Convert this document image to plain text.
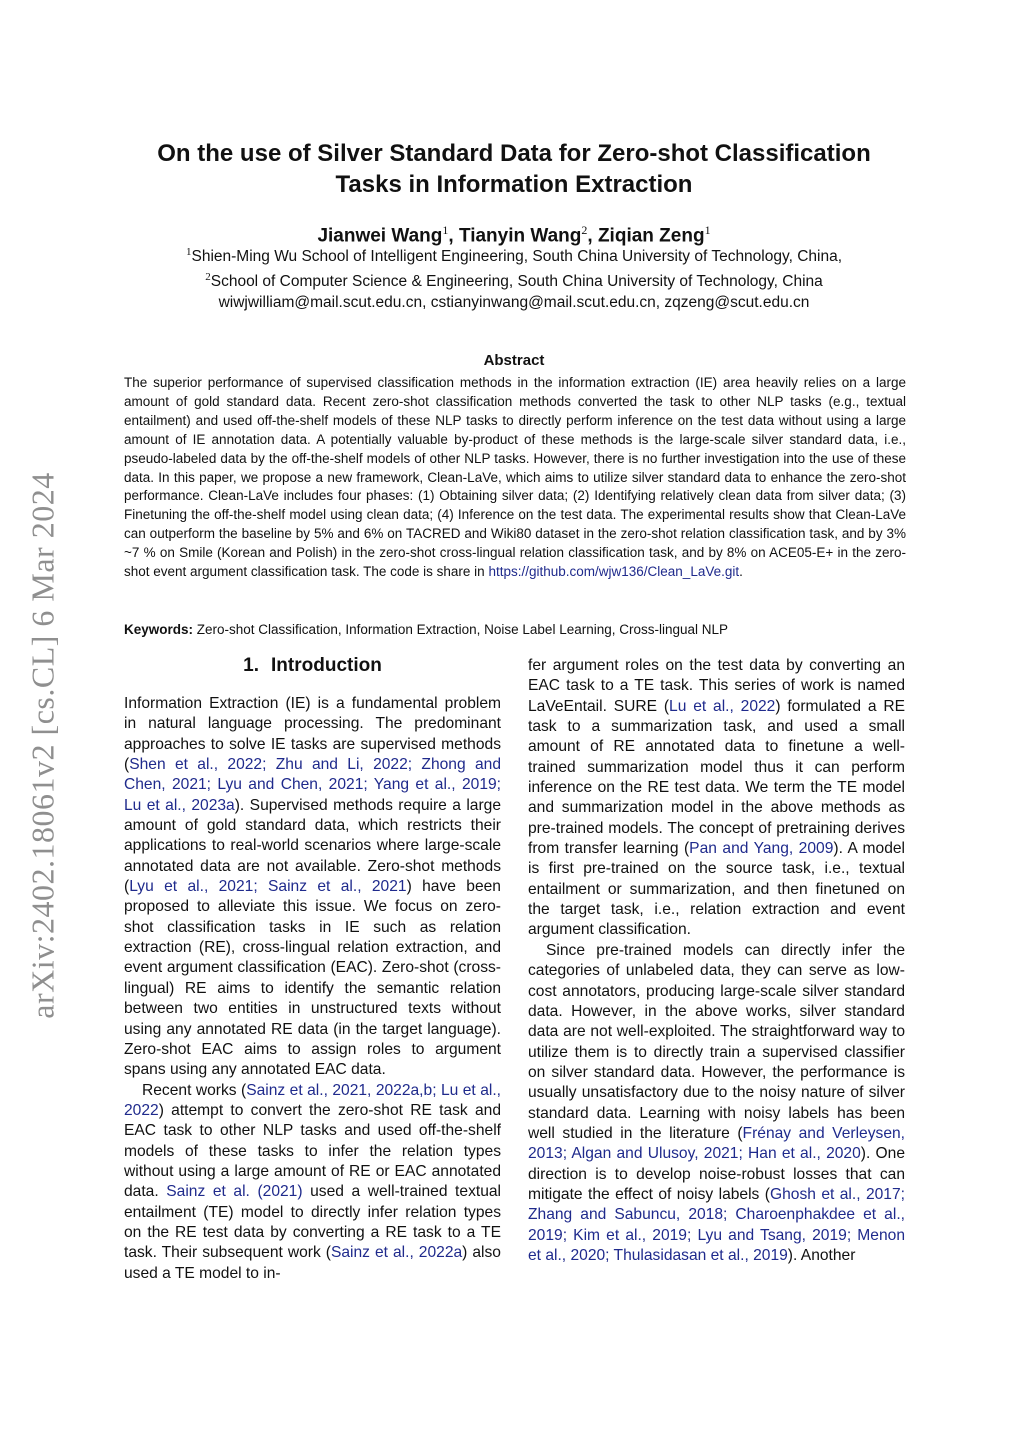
arXiv:2402.18061v2 [cs.CL] 6 Mar 2024
On the use of Silver Standard Data for Zero-shot Classification
Tasks in Information Extraction
Jianwei Wang$^1$, Tianyin Wang$^2$, Ziqian Zeng$^1$
$^1$Shien-Ming Wu School of Intelligent Engineering, South China University of Technology, China,
$^2$School of Computer Science & Engineering, South China University of Technology, China
wiwjwilliam@mail.scut.edu.cn, cstianyinwang@mail.scut.edu.cn, zqzeng@scut.edu.cn
Abstract
The superior performance of supervised classification methods in the information extraction (IE) area heavily relies on a large amount of gold standard data. Recent zero-shot classification methods converted the task to other NLP tasks (e.g., textual entailment) and used off-the-shelf models of these NLP tasks to directly perform inference on the test data without using a large amount of IE annotation data. A potentially valuable by-product of these methods is the large-scale silver standard data, i.e., pseudo-labeled data by the off-the-shelf models of other NLP tasks. However, there is no further investigation into the use of these data. In this paper, we propose a new framework, Clean-LaVe, which aims to utilize silver standard data to enhance the zero-shot performance. Clean-LaVe includes four phases: (1) Obtaining silver data; (2) Identifying relatively clean data from silver data; (3) Finetuning the off-the-shelf model using clean data; (4) Inference on the test data. The experimental results show that Clean-LaVe can outperform the baseline by 5% and 6% on TACRED and Wiki80 dataset in the zero-shot relation classification task, and by 3% ~7 % on Smile (Korean and Polish) in the zero-shot cross-lingual relation classification task, and by 8% on ACE05-E+ in the zero-shot event argument classification task. The code is share in https://github.com/wjw136/Clean_LaVe.git.
Keywords: Zero-shot Classification, Information Extraction, Noise Label Learning, Cross-lingual NLP
1. Introduction

Information Extraction (IE) is a fundamental problem in natural language processing. The predominant approaches to solve IE tasks are supervised methods (Shen et al., 2022; Zhu and Li, 2022; Zhong and Chen, 2021; Lyu and Chen, 2021; Yang et al., 2019; Lu et al., 2023a). Supervised methods require a large amount of gold standard data, which restricts their applications to real-world scenarios where large-scale annotated data are not available. Zero-shot methods (Lyu et al., 2021; Sainz et al., 2021) have been proposed to alleviate this issue. We focus on zero-shot classification tasks in IE such as relation extraction (RE), cross-lingual relation extraction, and event argument classification (EAC). Zero-shot (cross-lingual) RE aims to identify the semantic relation between two entities in unstructured texts without using any annotated RE data (in the target language). Zero-shot EAC aims to assign roles to argument spans using any annotated EAC data.

Recent works (Sainz et al., 2021, 2022a,b; Lu et al., 2022) attempt to convert the zero-shot RE task and EAC task to other NLP tasks and used off-the-shelf models of these tasks to infer the relation types without using a large amount of RE or EAC annotated data. Sainz et al. (2021) used a well-trained textual entailment (TE) model to directly infer relation types on the RE test data by converting a RE task to a TE task. Their subsequent work (Sainz et al., 2022a) also used a TE model to in-

fer argument roles on the test data by converting an EAC task to a TE task. This series of work is named LaVeEntail. SURE (Lu et al., 2022) formulated a RE task to a summarization task, and used a small amount of RE annotated data to finetune a well-trained summarization model thus it can perform inference on the RE test data. We term the TE model and summarization model in the above methods as pre-trained models. The concept of pretraining derives from transfer learning (Pan and Yang, 2009). A model is first pre-trained on the source task, i.e., textual entailment or summarization, and then finetuned on the target task, i.e., relation extraction and event argument classification.

Since pre-trained models can directly infer the categories of unlabeled data, they can serve as low-cost annotators, producing large-scale silver standard data. However, in the above works, silver standard data are not well-exploited. The straightforward way to utilize them is to directly train a supervised classifier on silver standard data. However, the performance is usually unsatisfactory due to the noisy nature of silver standard data. Learning with noisy labels has been well studied in the literature (Frénay and Verleysen, 2013; Algan and Ulusoy, 2021; Han et al., 2020). One direction is to develop noise-robust losses that can mitigate the effect of noisy labels (Ghosh et al., 2017; Zhang and Sabuncu, 2018; Charoenphakdee et al., 2019; Kim et al., 2019; Lyu and Tsang, 2019; Menon et al., 2020; Thulasidasan et al., 2019). Another
